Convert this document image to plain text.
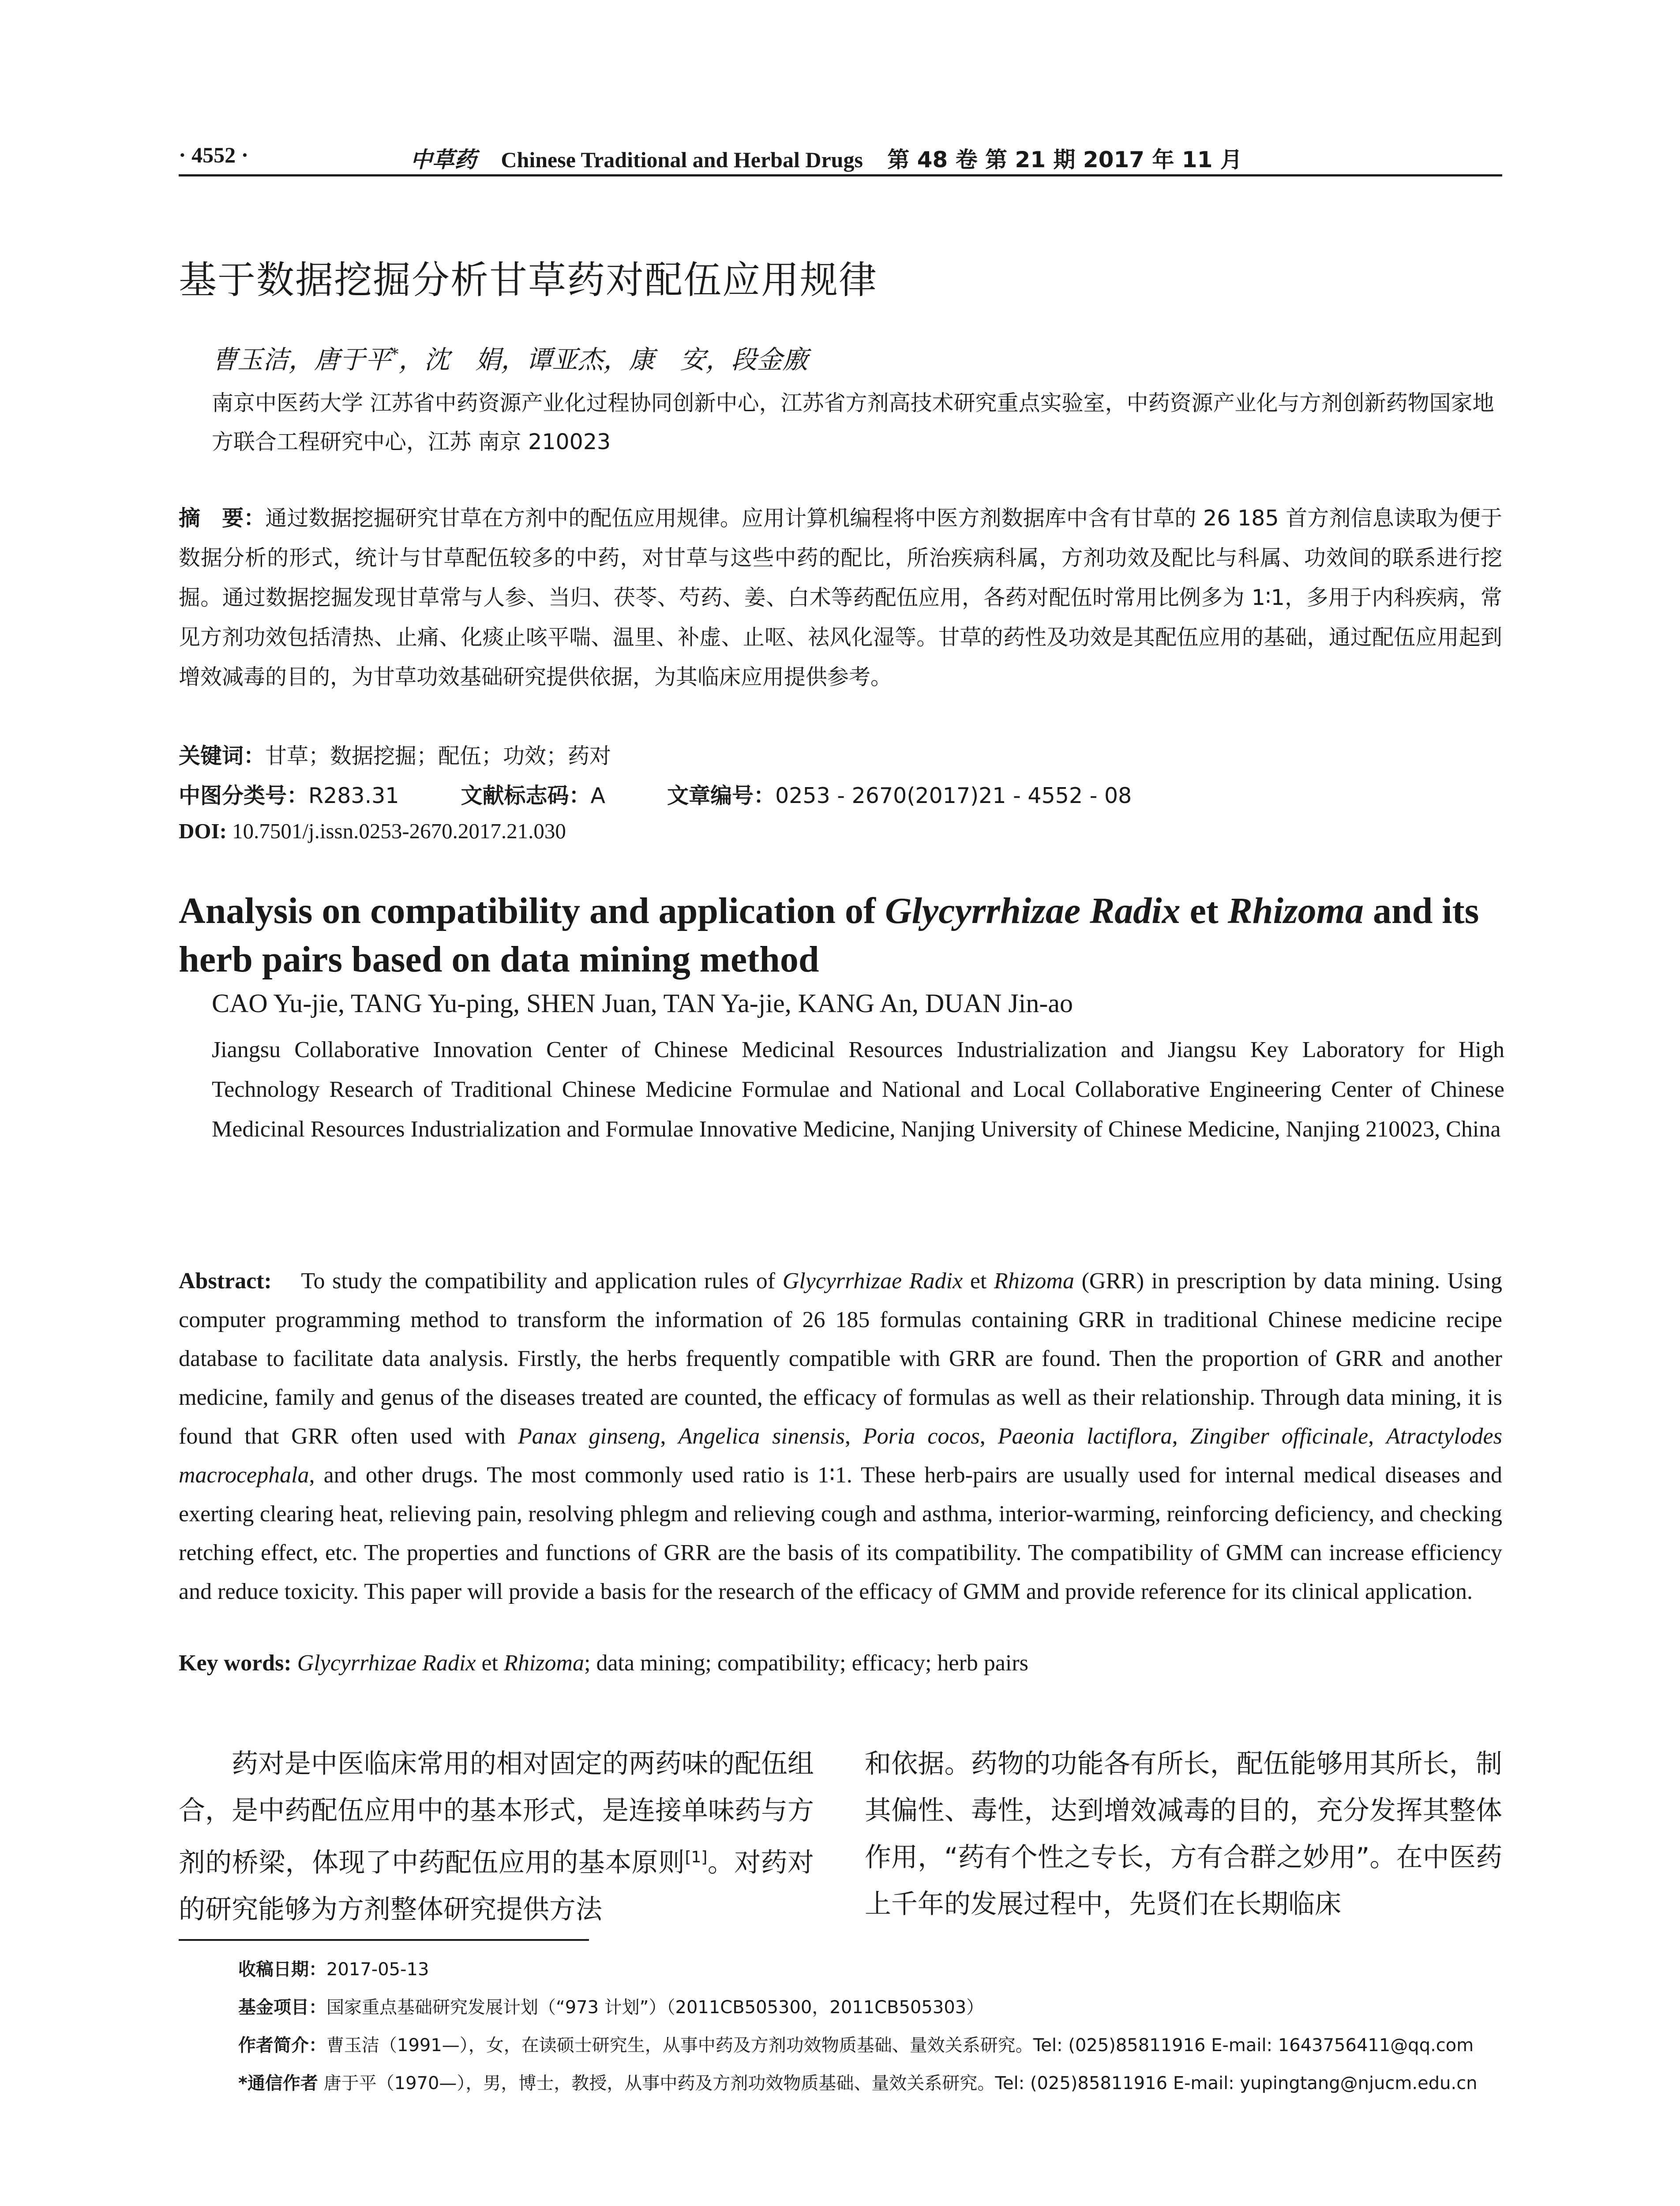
· 4552 ·	中草药 Chinese Traditional and Herbal Drugs 第 48 卷 第 21 期 2017 年 11 月
基于数据挖掘分析甘草药对配伍应用规律
曹玉洁，唐于平*，沈　娟，谭亚杰，康　安，段金廒
南京中医药大学 江苏省中药资源产业化过程协同创新中心，江苏省方剂高技术研究重点实验室，中药资源产业化与方剂创新药物国家地方联合工程研究中心，江苏 南京 210023
摘　要：通过数据挖掘研究甘草在方剂中的配伍应用规律。应用计算机编程将中医方剂数据库中含有甘草的 26 185 首方剂信息读取为便于数据分析的形式，统计与甘草配伍较多的中药，对甘草与这些中药的配比，所治疾病科属，方剂功效及配比与科属、功效间的联系进行挖掘。通过数据挖掘发现甘草常与人参、当归、茯苓、芍药、姜、白术等药配伍应用，各药对配伍时常用比例多为 1∶1，多用于内科疾病，常见方剂功效包括清热、止痛、化痰止咳平喘、温里、补虚、止呕、祛风化湿等。甘草的药性及功效是其配伍应用的基础，通过配伍应用起到增效减毒的目的，为甘草功效基础研究提供依据，为其临床应用提供参考。
关键词：甘草；数据挖掘；配伍；功效；药对
中图分类号：R283.31	文献标志码：A	文章编号：0253 - 2670(2017)21 - 4552 - 08
DOI: 10.7501/j.issn.0253-2670.2017.21.030
Analysis on compatibility and application of Glycyrrhizae Radix et Rhizoma and its herb pairs based on data mining method
CAO Yu-jie, TANG Yu-ping, SHEN Juan, TAN Ya-jie, KANG An, DUAN Jin-ao
Jiangsu Collaborative Innovation Center of Chinese Medicinal Resources Industrialization and Jiangsu Key Laboratory for High Technology Research of Traditional Chinese Medicine Formulae and National and Local Collaborative Engineering Center of Chinese Medicinal Resources Industrialization and Formulae Innovative Medicine, Nanjing University of Chinese Medicine, Nanjing 210023, China
Abstract: To study the compatibility and application rules of Glycyrrhizae Radix et Rhizoma (GRR) in prescription by data mining. Using computer programming method to transform the information of 26 185 formulas containing GRR in traditional Chinese medicine recipe database to facilitate data analysis. Firstly, the herbs frequently compatible with GRR are found. Then the proportion of GRR and another medicine, family and genus of the diseases treated are counted, the efficacy of formulas as well as their relationship. Through data mining, it is found that GRR often used with Panax ginseng, Angelica sinensis, Poria cocos, Paeonia lactiflora, Zingiber officinale, Atractylodes macrocephala, and other drugs. The most commonly used ratio is 1∶1. These herb-pairs are usually used for internal medical diseases and exerting clearing heat, relieving pain, resolving phlegm and relieving cough and asthma, interior-warming, reinforcing deficiency, and checking retching effect, etc. The properties and functions of GRR are the basis of its compatibility. The compatibility of GMM can increase efficiency and reduce toxicity. This paper will provide a basis for the research of the efficacy of GMM and provide reference for its clinical application.
Key words: Glycyrrhizae Radix et Rhizoma; data mining; compatibility; efficacy; herb pairs
药对是中医临床常用的相对固定的两药味的配伍组合，是中药配伍应用中的基本形式，是连接单味药与方剂的桥梁，体现了中药配伍应用的基本原则[1]。对药对的研究能够为方剂整体研究提供方法
和依据。药物的功能各有所长，配伍能够用其所长，制其偏性、毒性，达到增效减毒的目的，充分发挥其整体作用，“药有个性之专长，方有合群之妙用”。在中医药上千年的发展过程中，先贤们在长期临床
收稿日期：2017-05-13
基金项目：国家重点基础研究发展计划（“973 计划”）（2011CB505300，2011CB505303）
作者简介：曹玉洁（1991—），女，在读硕士研究生，从事中药及方剂功效物质基础、量效关系研究。Tel: (025)85811916 E-mail: 1643756411@qq.com
*通信作者 唐于平（1970—），男，博士，教授，从事中药及方剂功效物质基础、量效关系研究。Tel: (025)85811916 E-mail: yupingtang@njucm.edu.cn
